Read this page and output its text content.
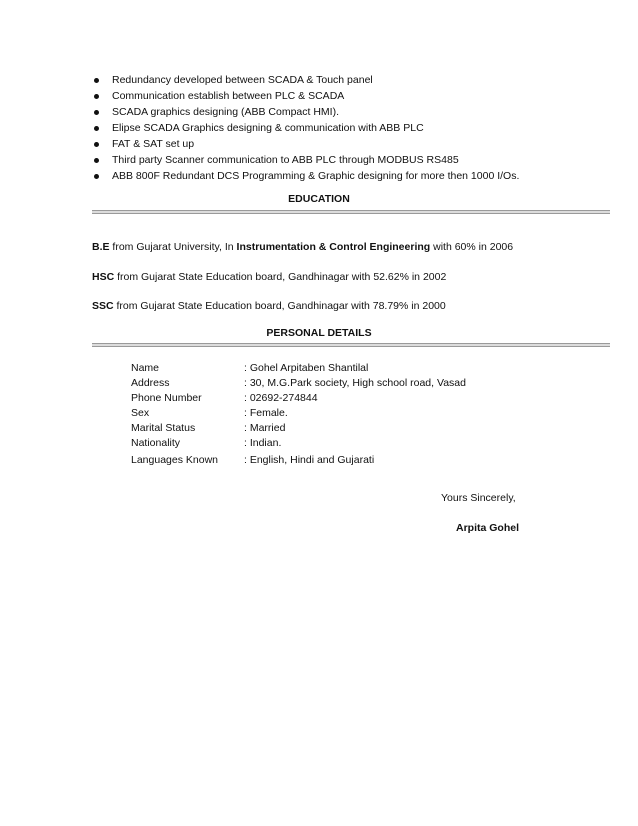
Redundancy developed between SCADA & Touch panel
Communication establish between PLC & SCADA
SCADA graphics designing (ABB Compact HMI).
Elipse SCADA Graphics designing & communication with ABB PLC
FAT & SAT set up
Third party Scanner communication to ABB PLC through MODBUS RS485
ABB 800F Redundant DCS Programming & Graphic designing for more then 1000 I/Os.
EDUCATION
B.E from Gujarat University, In Instrumentation & Control Engineering with 60% in 2006
HSC from Gujarat State Education board, Gandhinagar with 52.62% in 2002
SSC from Gujarat State Education board, Gandhinagar with 78.79% in 2000
PERSONAL DETAILS
Name	: Gohel Arpitaben Shantilal
Address	: 30, M.G.Park society, High school road, Vasad
Phone Number	: 02692-274844
Sex	: Female.
Marital Status	: Married
Nationality	: Indian.
Languages Known	: English, Hindi and Gujarati
Yours Sincerely,
Arpita Gohel
